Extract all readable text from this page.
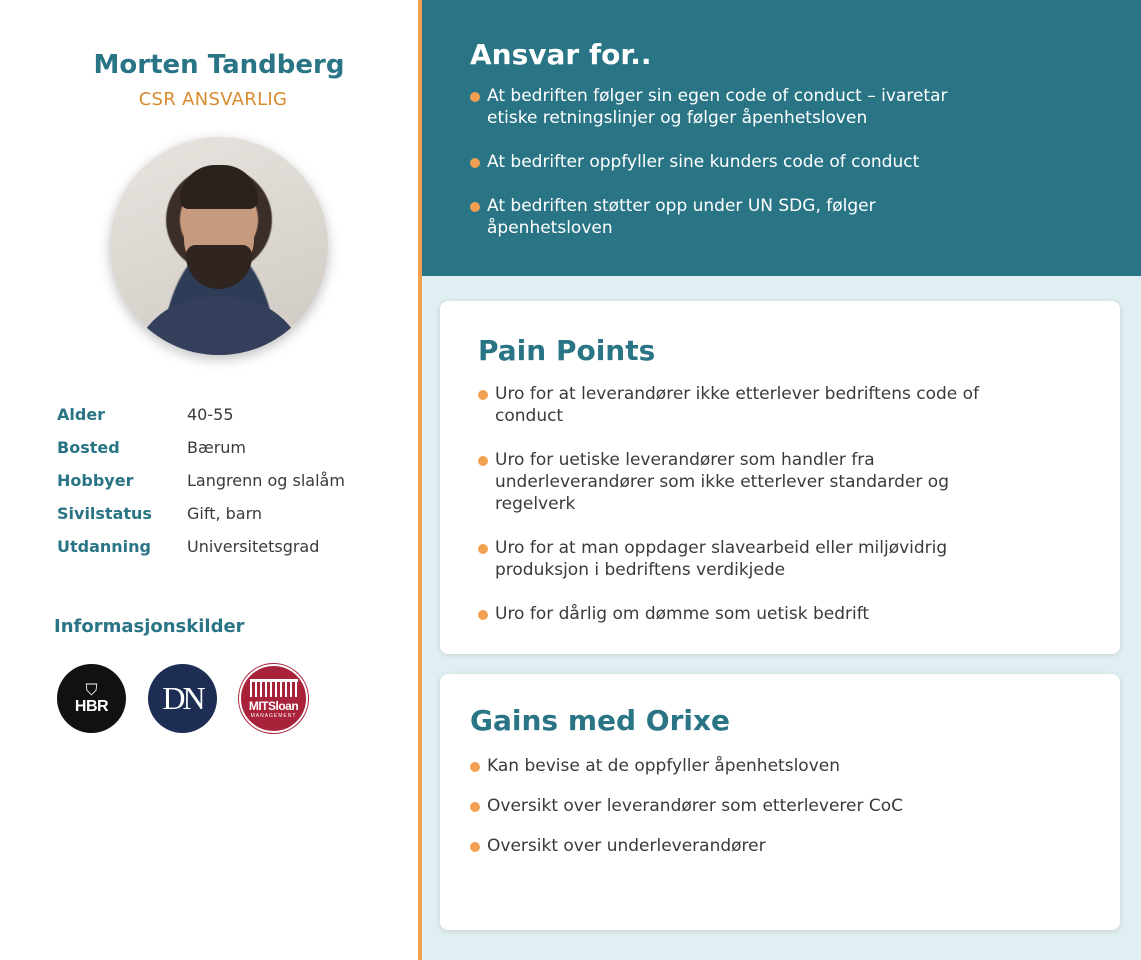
Morten Tandberg
CSR ANSVARLIG
Alder	40-55
Bosted	Bærum
Hobbyer	Langrenn og slalåm
Sivilstatus Gift, barn
Utdanning Universitetsgrad
Informasjonskilder
⛉
HBR DN	MITSloan
MANAGEMENT
Ansvar for..
At bedriften følger sin egen code of conduct – ivaretar etiske retningslinjer og følger åpenhetsloven
At bedrifter oppfyller sine kunders code of conduct
At bedriften støtter opp under UN SDG, følger åpenhetsloven
Pain Points
Uro for at leverandører ikke etterlever bedriftens code of conduct
Uro for uetiske leverandører som handler fra underleverandører som ikke etterlever standarder og regelverk
Uro for at man oppdager slavearbeid eller miljøvidrig produksjon i bedriftens verdikjede
Uro for dårlig om dømme som uetisk bedrift
Gains med Orixe
Kan bevise at de oppfyller åpenhetsloven
Oversikt over leverandører som etterleverer CoC
Oversikt over underleverandører
